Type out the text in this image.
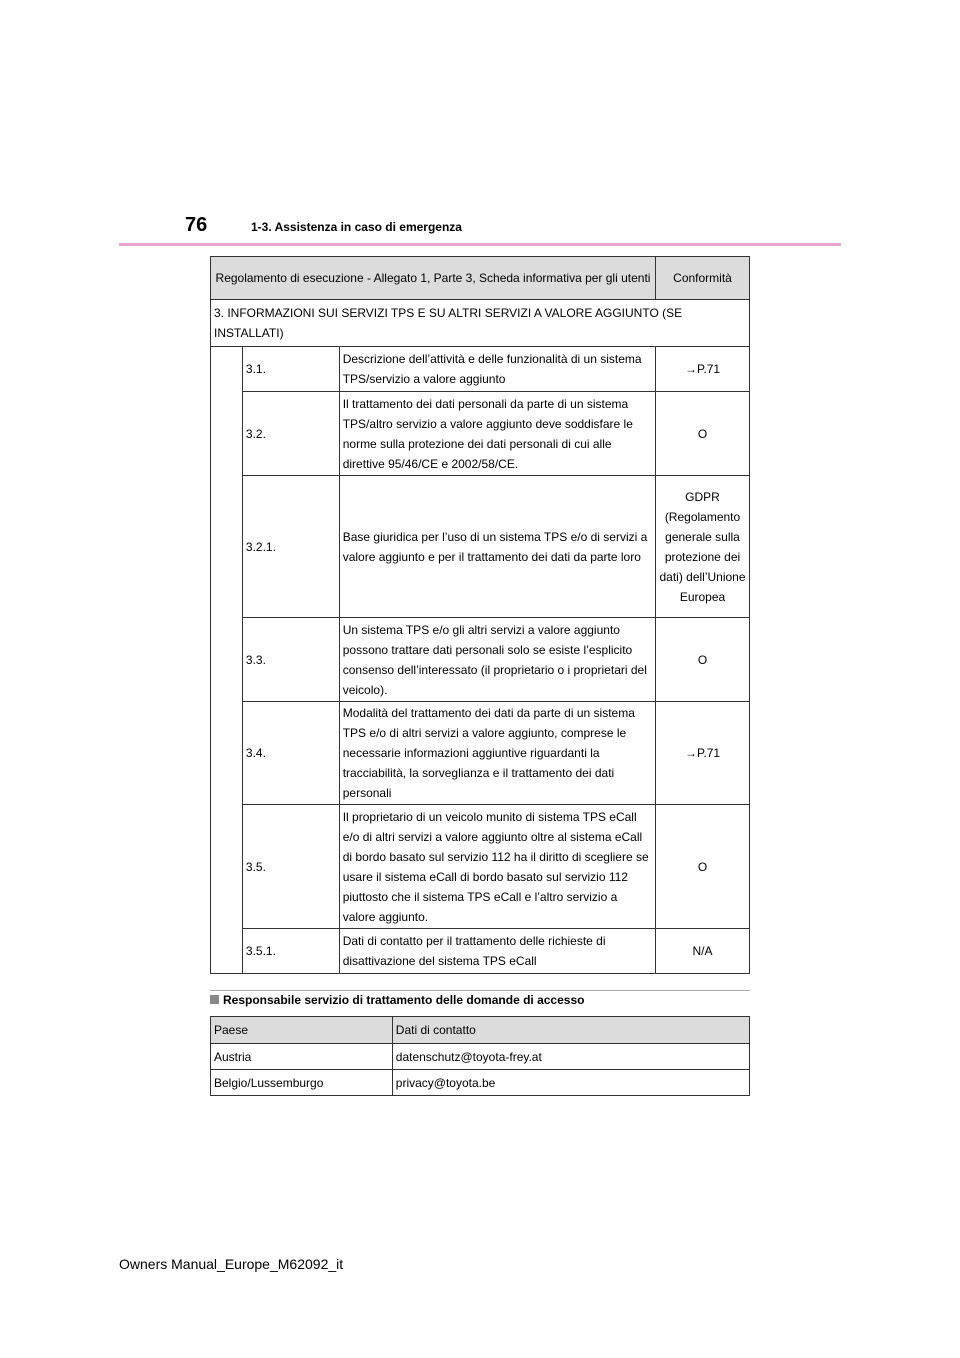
76	1-3. Assistenza in caso di emergenza
Regolamento di esecuzione - Allegato 1, Parte 3, Scheda informativa per gli utenti			Conformità
3. INFORMAZIONI SUI SERVIZI TPS E SU ALTRI SERVIZI A VALORE AGGIUNTO (SE INSTALLATI)			
	3.1.	Descrizione dell’attività e delle funzionalità di un sistema TPS/servizio a valore aggiunto	→P.71
	3.2.	Il trattamento dei dati personali da parte di un sistema TPS/altro servizio a valore aggiunto deve soddisfare le norme sulla protezione dei dati personali di cui alle direttive 95/46/CE e 2002/58/CE.	O
	3.2.1.	Base giuridica per l’uso di un sistema TPS e/o di servizi a valore aggiunto e per il trattamento dei dati da parte loro	GDPR (Regolamento generale sulla protezione dei dati) dell’Unione Europea
	3.3.	Un sistema TPS e/o gli altri servizi a valore aggiunto possono trattare dati personali solo se esiste l’esplicito consenso dell’interessato (il proprietario o i proprietari del veicolo).	O
	3.4.	Modalità del trattamento dei dati da parte di un sistema TPS e/o di altri servizi a valore aggiunto, comprese le necessarie informazioni aggiuntive riguardanti la tracciabilità, la sorveglianza e il trattamento dei dati personali	→P.71
	3.5.	Il proprietario di un veicolo munito di sistema TPS eCall e/o di altri servizi a valore aggiunto oltre al sistema eCall di bordo basato sul servizio 112 ha il diritto di scegliere se usare il sistema eCall di bordo basato sul servizio 112 piuttosto che il sistema TPS eCall e l’altro servizio a valore aggiunto.	O
	3.5.1.	Dati di contatto per il trattamento delle richieste di disattivazione del sistema TPS eCall	N/A
Responsabile servizio di trattamento delle domande di accesso
Paese	Dati di contatto
Austria	datenschutz@toyota-frey.at
Belgio/Lussemburgo	privacy@toyota.be
Owners Manual_Europe_M62092_it
